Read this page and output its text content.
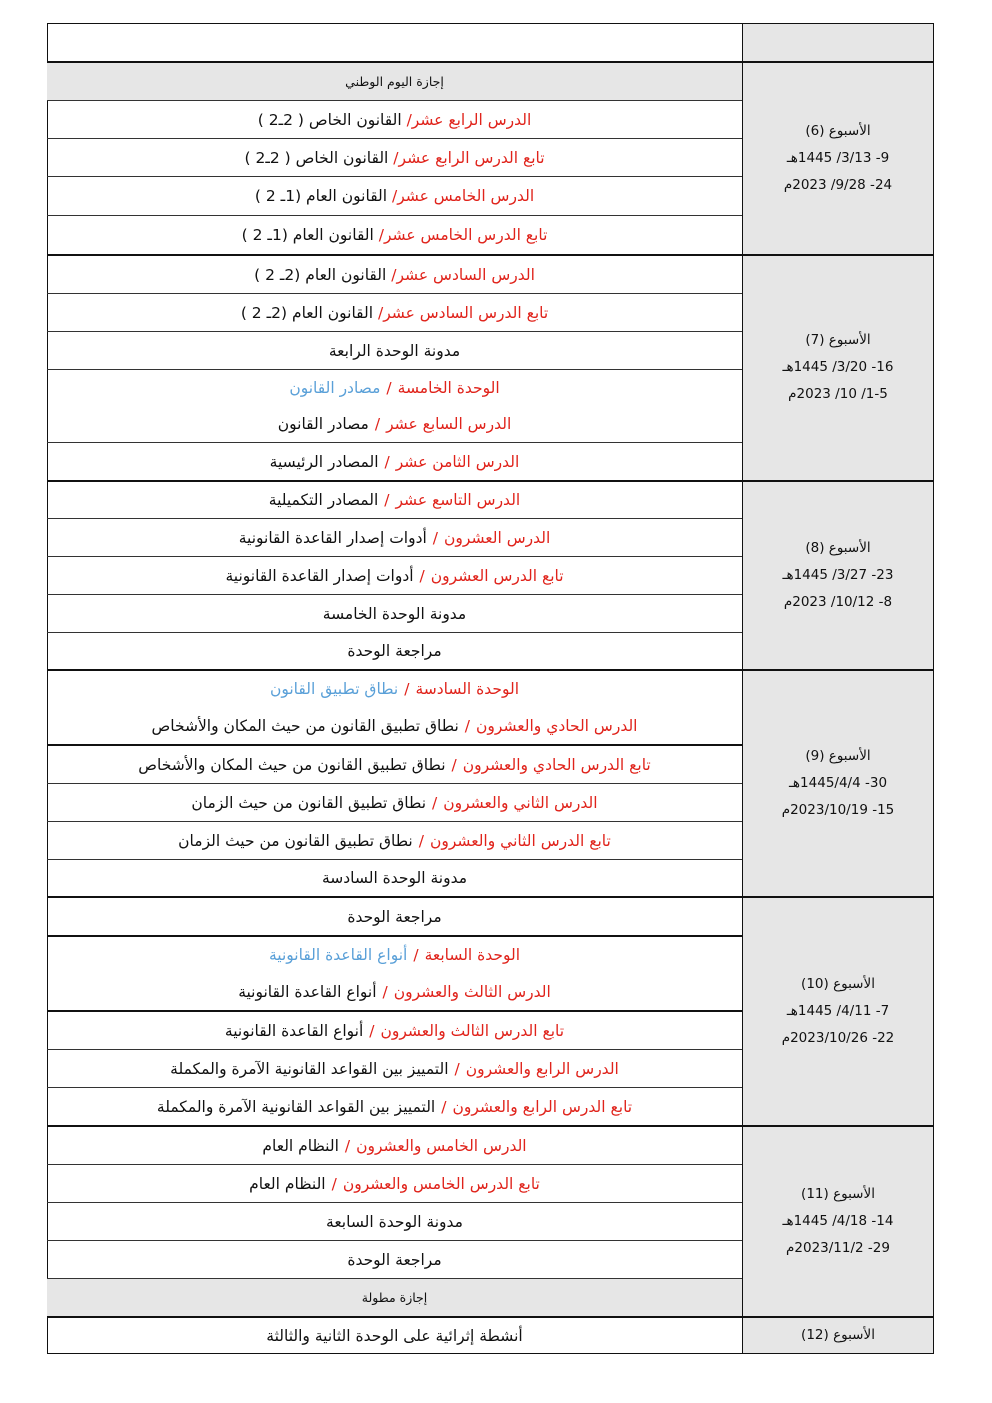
الأسبوع (6)
9- 3/13/ 1445هـ
24- 9/28/ 2023م
الأسبوع (7)
16- 3/20/ 1445هـ
1-5/ 10/ 2023م
الأسبوع (8)
23- 3/27/ 1445هـ
8- 10/12/ 2023م
الأسبوع (9)
30- 1445/4/4هـ
15- 2023/10/19م
الأسبوع (10)
7- 4/11/ 1445هـ
22- 2023/10/26م
الأسبوع (11)
14- 4/18/ 1445هـ
29- 2023/11/2م
الأسبوع (12)
إجازة اليوم الوطني
الدرس الرابع عشر/

القانون الخاص ( 2ـ2 )
تابع الدرس الرابع عشر/

القانون الخاص ( 2ـ2 )
الدرس الخامس عشر/

القانون العام (1ـ 2 )
تابع الدرس الخامس عشر/

القانون العام (1ـ 2 )
الدرس السادس عشر/

القانون العام (2ـ 2 )
تابع الدرس السادس عشر/

القانون العام (2ـ 2 )
مدونة الوحدة الرابعة
الوحدة الخامسة
/
مصادر القانون
الدرس السابع عشر
/
مصادر القانون
الدرس الثامن عشر
/
المصادر الرئيسية
الدرس التاسع عشر
/
المصادر التكميلية
الدرس العشرون
/
أدوات إصدار القاعدة القانونية
تابع الدرس العشرون
/
أدوات إصدار القاعدة القانونية
مدونة الوحدة الخامسة
مراجعة الوحدة
الوحدة السادسة
/
نطاق تطبيق القانون
الدرس الحادي والعشرون
/
نطاق تطبيق القانون من حيث المكان والأشخاص
تابع الدرس الحادي والعشرون
/
نطاق تطبيق القانون من حيث المكان والأشخاص
الدرس الثاني والعشرون
/
نطاق تطبيق القانون من حيث الزمان
تابع الدرس الثاني والعشرون
/
نطاق تطبيق القانون من حيث الزمان
مدونة الوحدة السادسة
مراجعة الوحدة
الوحدة السابعة
/
أنواع القاعدة القانونية
الدرس الثالث والعشرون
/
أنواع القاعدة القانونية
تابع الدرس الثالث والعشرون
/
أنواع القاعدة القانونية
الدرس الرابع والعشرون
/
التمييز بين القواعد القانونية الآمرة والمكملة
تابع الدرس الرابع والعشرون
/
التمييز بين القواعد القانونية الآمرة والمكملة
الدرس الخامس والعشرون
/
النظام العام
تابع الدرس الخامس والعشرون
/
النظام العام
مدونة الوحدة السابعة
مراجعة الوحدة
إجازة مطولة
أنشطة إثرائية على الوحدة الثانية والثالثة
